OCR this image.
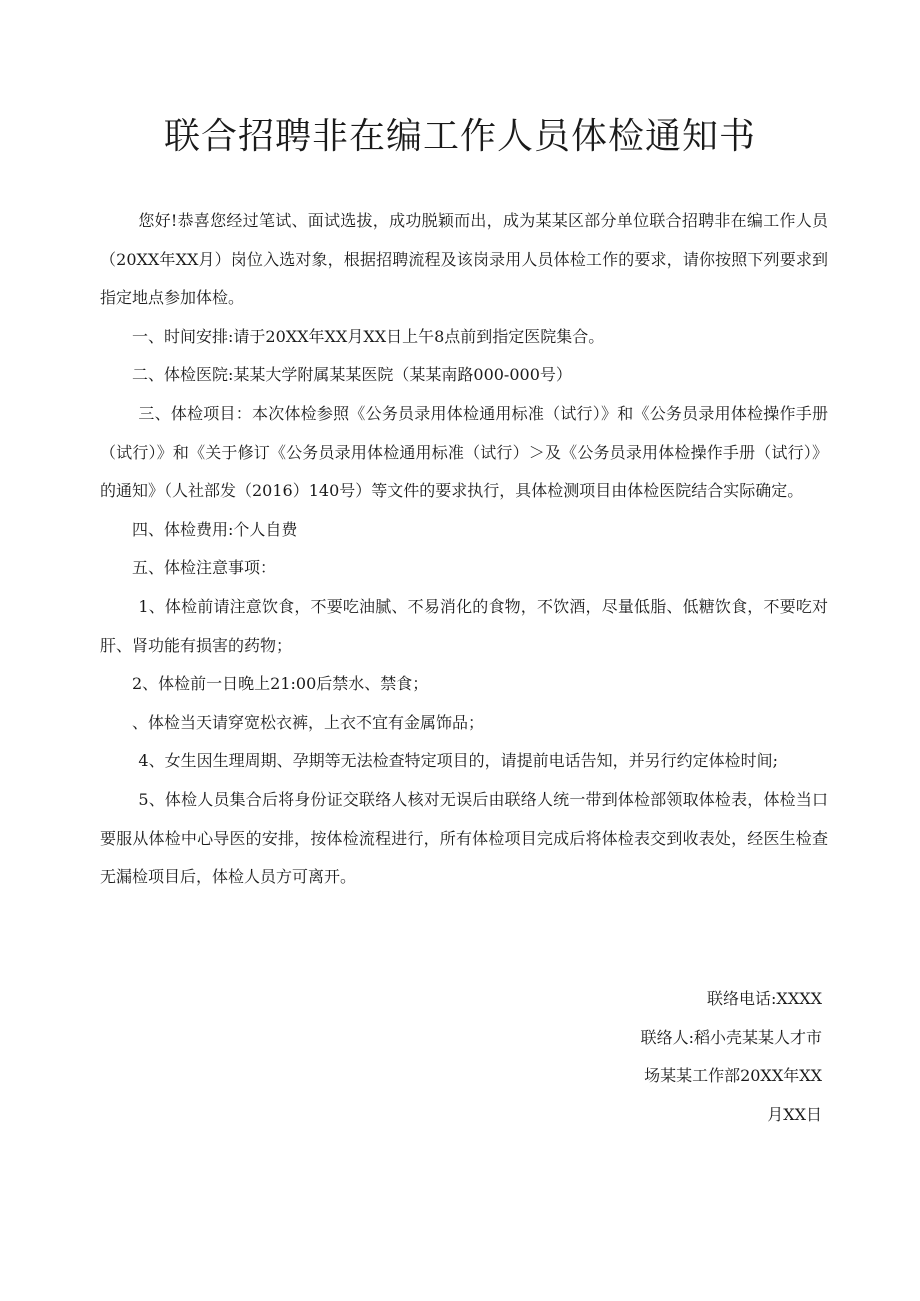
联合招聘非在编工作人员体检通知书

您好!恭喜您经过笔试、面试选拔，成功脱颖而出，成为某某区部分单位联合招聘非在编工作人员（20XX年XX月）岗位入选对象，根据招聘流程及该岗录用人员体检工作的要求，请你按照下列要求到指定地点参加体检。

一、时间安排:请于20XX年XX月XX日上午8点前到指定医院集合。

二、体检医院:某某大学附属某某医院（某某南路000-000号）

三、体检项目：本次体检参照《公务员录用体检通用标准（试行）》和《公务员录用体检操作手册（试行）》和《关于修订《公务员录用体检通用标准（试行）＞及《公务员录用体检操作手册（试行）》的通知》（人社部发（2016）140号）等文件的要求执行，具体检测项目由体检医院结合实际确定。

四、体检费用:个人自费

五、体检注意事项：

1、体检前请注意饮食，不要吃油腻、不易消化的食物，不饮酒，尽量低脂、低糖饮食，不要吃对肝、肾功能有损害的药物；

2、体检前一日晚上21:00后禁水、禁食；

、体检当天请穿宽松衣裤，上衣不宜有金属饰品；

4、女生因生理周期、孕期等无法检查特定项目的，请提前电话告知，并另行约定体检时间;

5、体检人员集合后将身份证交联络人核对无误后由联络人统一带到体检部领取体检表，体检当口要服从体检中心导医的安排，按体检流程进行，所有体检项目完成后将体检表交到收表处，经医生检查无漏检项目后，体检人员方可离开。

联络电话:XXXX
联络人:稻小壳某某人才市
场某某工作部20XX年XX
月XX日
